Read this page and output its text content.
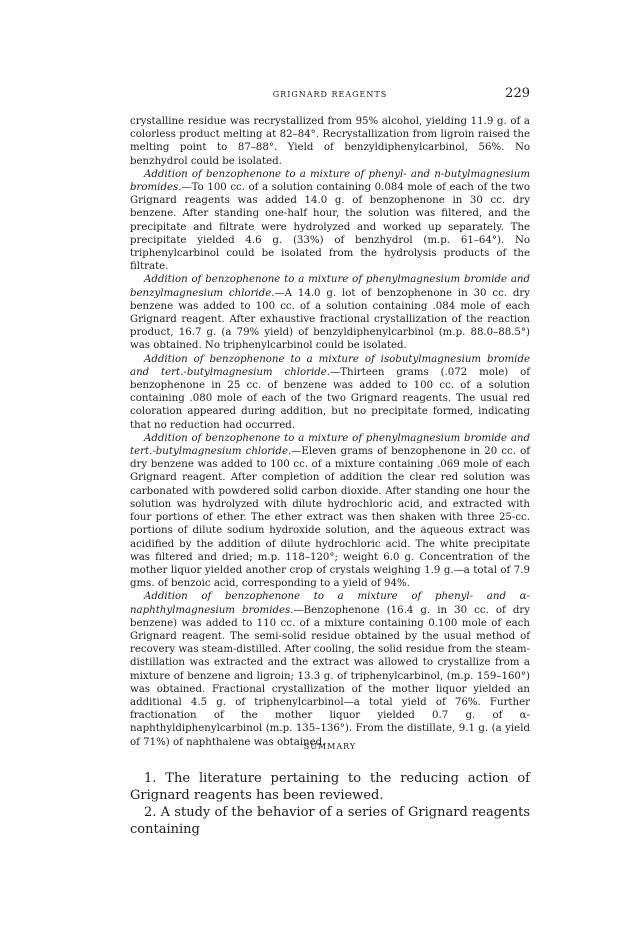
GRIGNARD REAGENTS	229

crystalline residue was recrystallized from 95% alcohol, yielding 11.9 g. of a colorless product melting at 82–84°. Recrystallization from ligroin raised the melting point to 87–88°. Yield of benzyldiphenylcarbinol, 56%. No benzhydrol could be isolated.

Addition of benzophenone to a mixture of phenyl- and n-butylmagnesium bromides.—To 100 cc. of a solution containing 0.084 mole of each of the two Grignard reagents was added 14.0 g. of benzophenone in 30 cc. dry benzene. After standing one-half hour, the solution was filtered, and the precipitate and filtrate were hydrolyzed and worked up separately. The precipitate yielded 4.6 g. (33%) of benzhydrol (m.p. 61–64°). No triphenylcarbinol could be isolated from the hydrolysis products of the filtrate.

Addition of benzophenone to a mixture of phenylmagnesium bromide and benzylmagnesium chloride.—A 14.0 g. lot of benzophenone in 30 cc. dry benzene was added to 100 cc. of a solution containing .084 mole of each Grignard reagent. After exhaustive fractional crystallization of the reaction product, 16.7 g. (a 79% yield) of benzyldiphenylcarbinol (m.p. 88.0–88.5°) was obtained. No triphenylcarbinol could be isolated.

Addition of benzophenone to a mixture of isobutylmagnesium bromide and tert.-butylmagnesium chloride.—Thirteen grams (.072 mole) of benzophenone in 25 cc. of benzene was added to 100 cc. of a solution containing .080 mole of each of the two Grignard reagents. The usual red coloration appeared during addition, but no precipitate formed, indicating that no reduction had occurred.

Addition of benzophenone to a mixture of phenylmagnesium bromide and tert.-butylmagnesium chloride.—Eleven grams of benzophenone in 20 cc. of dry benzene was added to 100 cc. of a mixture containing .069 mole of each Grignard reagent. After completion of addition the clear red solution was carbonated with powdered solid carbon dioxide. After standing one hour the solution was hydrolyzed with dilute hydrochloric acid, and extracted with four portions of ether. The ether extract was then shaken with three 25-cc. portions of dilute sodium hydroxide solution, and the aqueous extract was acidified by the addition of dilute hydrochloric acid. The white precipitate was filtered and dried; m.p. 118–120°; weight 6.0 g. Concentration of the mother liquor yielded another crop of crystals weighing 1.9 g.—a total of 7.9 gms. of benzoic acid, corresponding to a yield of 94%.

Addition of benzophenone to a mixture of phenyl- and α-naphthylmagnesium bromides.—Benzophenone (16.4 g. in 30 cc. of dry benzene) was added to 110 cc. of a mixture containing 0.100 mole of each Grignard reagent. The semi-solid residue obtained by the usual method of recovery was steam-distilled. After cooling, the solid residue from the steam-distillation was extracted and the extract was allowed to crystallize from a mixture of benzene and ligroin; 13.3 g. of triphenylcarbinol, (m.p. 159–160°) was obtained. Fractional crystallization of the mother liquor yielded an additional 4.5 g. of triphenylcarbinol—a total yield of 76%. Further fractionation of the mother liquor yielded 0.7 g. of α-naphthyldiphenylcarbinol (m.p. 135–136°). From the distillate, 9.1 g. (a yield of 71%) of naphthalene was obtained.

SUMMARY

1. The literature pertaining to the reducing action of Grignard reagents has been reviewed.

2. A study of the behavior of a series of Grignard reagents containing
